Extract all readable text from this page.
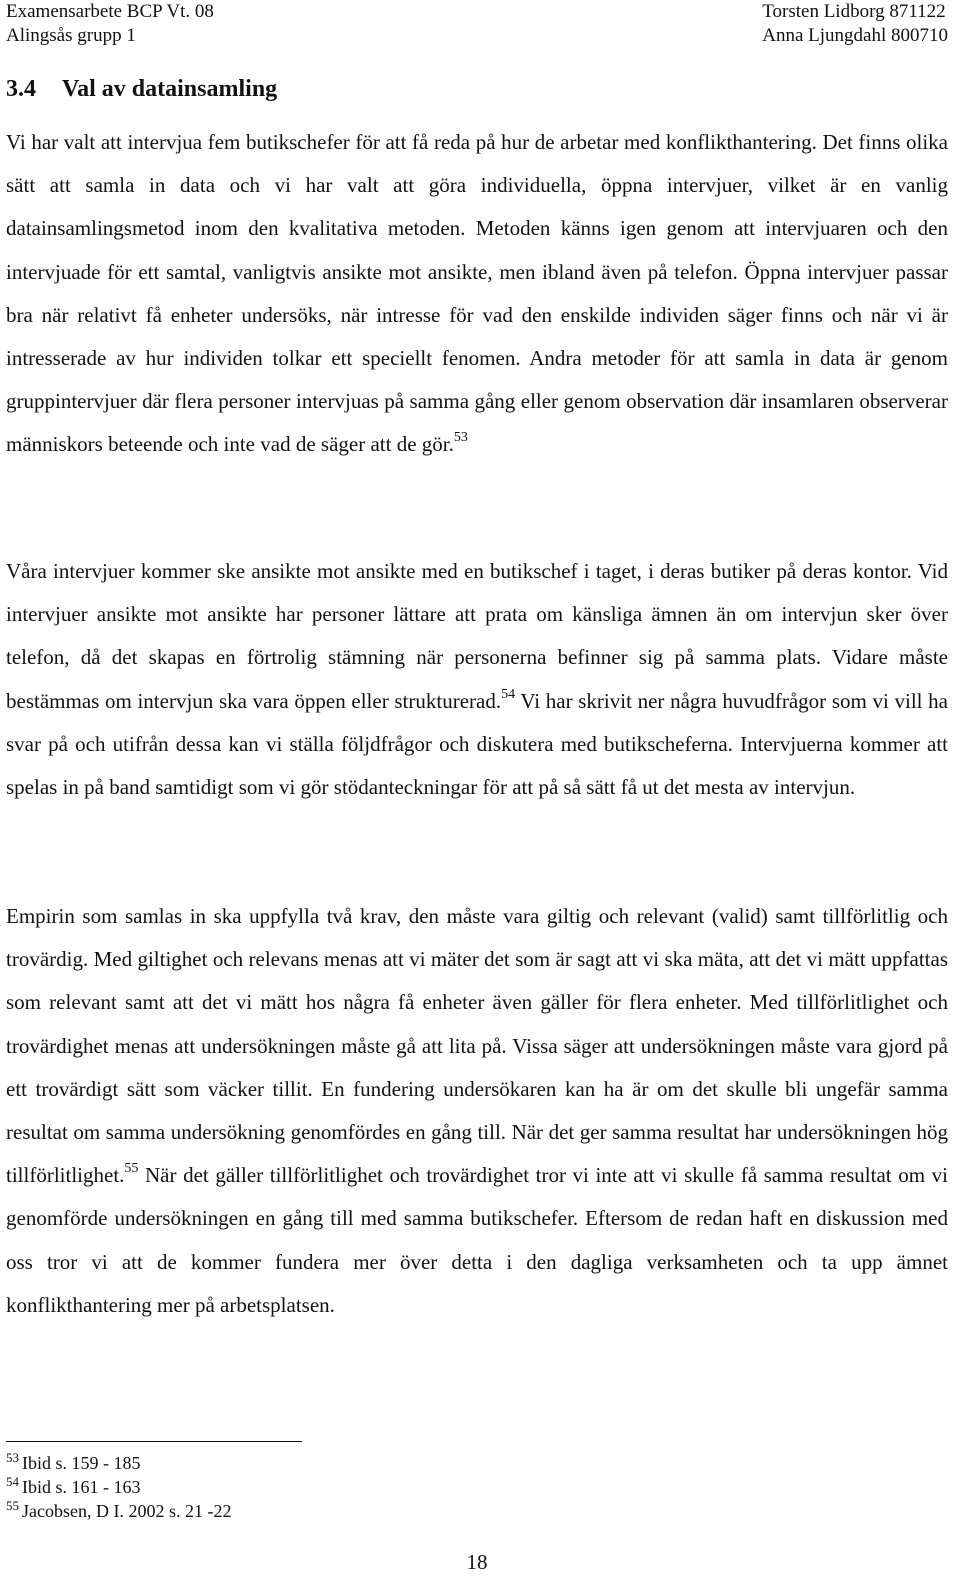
Examensarbete BCP Vt. 08
Alingsås grupp 1
Torsten Lidborg 871122
Anna Ljungdahl 800710
3.4 Val av datainsamling

Vi har valt att intervjua fem butikschefer för att få reda på hur de arbetar med konflikthantering. Det finns olika sätt att samla in data och vi har valt att göra individuella, öppna intervjuer, vilket är en vanlig datainsamlingsmetod inom den kvalitativa metoden. Metoden känns igen genom att intervjuaren och den intervjuade för ett samtal, vanligtvis ansikte mot ansikte, men ibland även på telefon. Öppna intervjuer passar bra när relativt få enheter undersöks, när intresse för vad den enskilde individen säger finns och när vi är intresserade av hur individen tolkar ett speciellt fenomen. Andra metoder för att samla in data är genom gruppintervjuer där flera personer intervjuas på samma gång eller genom observation där insamlaren observerar människors beteende och inte vad de säger att de gör.$^{53}$

Våra intervjuer kommer ske ansikte mot ansikte med en butikschef i taget, i deras butiker på deras kontor. Vid intervjuer ansikte mot ansikte har personer lättare att prata om känsliga ämnen än om intervjun sker över telefon, då det skapas en förtrolig stämning när personerna befinner sig på samma plats. Vidare måste bestämmas om intervjun ska vara öppen eller strukturerad.$^{54}$ Vi har skrivit ner några huvudfrågor som vi vill ha svar på och utifrån dessa kan vi ställa följdfrågor och diskutera med butikscheferna. Intervjuerna kommer att spelas in på band samtidigt som vi gör stödanteckningar för att på så sätt få ut det mesta av intervjun.

Empirin som samlas in ska uppfylla två krav, den måste vara giltig och relevant (valid) samt tillförlitlig och trovärdig. Med giltighet och relevans menas att vi mäter det som är sagt att vi ska mäta, att det vi mätt uppfattas som relevant samt att det vi mätt hos några få enheter även gäller för flera enheter. Med tillförlitlighet och trovärdighet menas att undersökningen måste gå att lita på. Vissa säger att undersökningen måste vara gjord på ett trovärdigt sätt som väcker tillit. En fundering undersökaren kan ha är om det skulle bli ungefär samma resultat om samma undersökning genomfördes en gång till. När det ger samma resultat har undersökningen hög tillförlitlighet.$^{55}$ När det gäller tillförlitlighet och trovärdighet tror vi inte att vi skulle få samma resultat om vi genomförde undersökningen en gång till med samma butikschefer. Eftersom de redan haft en diskussion med oss tror vi att de kommer fundera mer över detta i den dagliga verksamheten och ta upp ämnet konflikthantering mer på arbetsplatsen.

$^{53}$ Ibid s. 159 - 185
$^{54}$ Ibid s. 161 - 163
$^{55}$ Jacobsen, D I. 2002 s. 21 -22
18
